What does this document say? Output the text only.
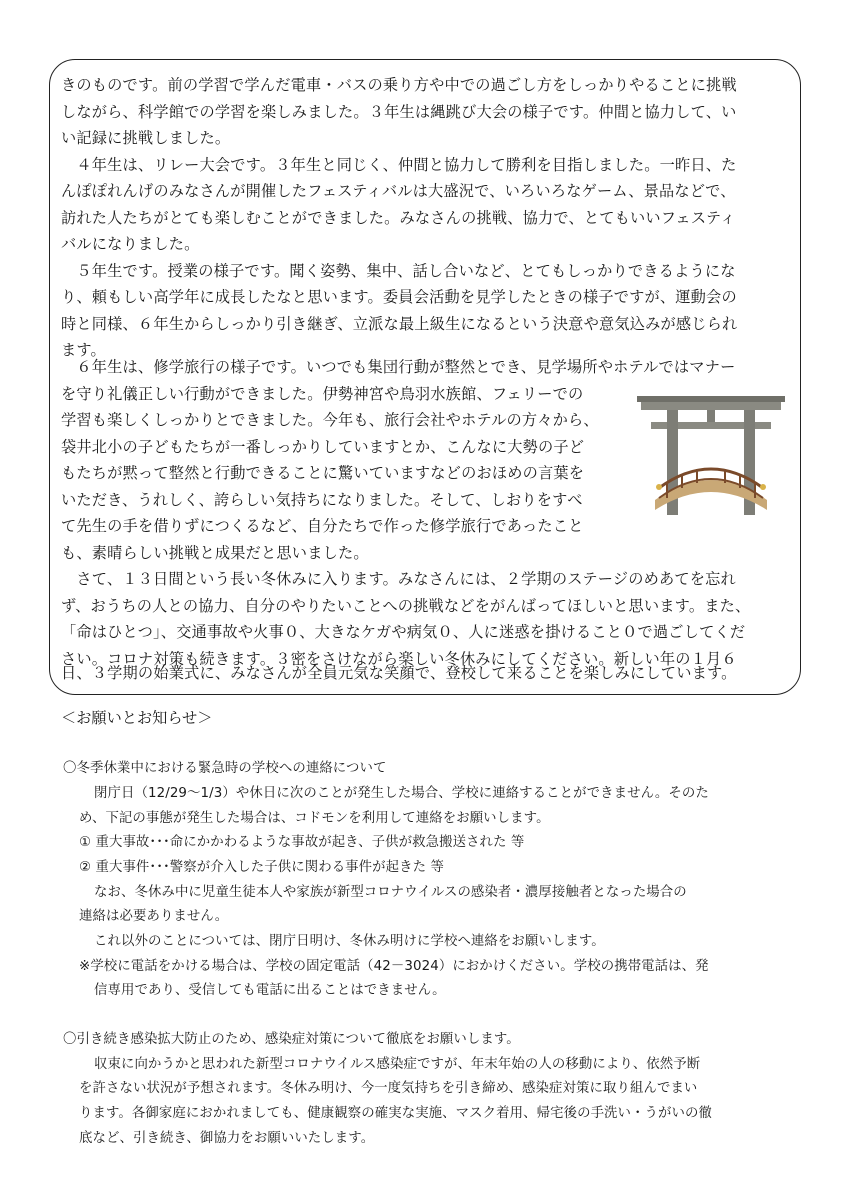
きのものです。前の学習で学んだ電車・バスの乗り方や中での過ごし方をしっかりやることに挑戦

しながら、科学館での学習を楽しみました。３年生は縄跳び大会の様子です。仲間と協力して、い

い記録に挑戦しました。

　４年生は、リレー大会です。３年生と同じく、仲間と協力して勝利を目指しました。一昨日、た

んぽぽれんげのみなさんが開催したフェスティバルは大盛況で、いろいろなゲーム、景品などで、

訪れた人たちがとても楽しむことができました。みなさんの挑戦、協力で、とてもいいフェスティ

バルになりました。

　５年生です。授業の様子です。聞く姿勢、集中、話し合いなど、とてもしっかりできるようにな

り、頼もしい高学年に成長したなと思います。委員会活動を見学したときの様子ですが、運動会の

時と同様、６年生からしっかり引き継ぎ、立派な最上級生になるという決意や意気込みが感じられ

ます。

　６年生は、修学旅行の様子です。いつでも集団行動が整然とでき、見学場所やホテルではマナー

を守り礼儀正しい行動ができました。伊勢神宮や鳥羽水族館、フェリーでの

学習も楽しくしっかりとできました。今年も、旅行会社やホテルの方々から、

袋井北小の子どもたちが一番しっかりしていますとか、こんなに大勢の子ど

もたちが黙って整然と行動できることに驚いていますなどのおほめの言葉を

いただき、うれしく、誇らしい気持ちになりました。そして、しおりをすべ

て先生の手を借りずにつくるなど、自分たちで作った修学旅行であったこと

も、素晴らしい挑戦と成果だと思いました。

　さて、１３日間という長い冬休みに入ります。みなさんには、２学期のステージのめあてを忘れ

ず、おうちの人との協力、自分のやりたいことへの挑戦などをがんばってほしいと思います。また、

「命はひとつ」、交通事故や火事０、大きなケガや病気０、人に迷惑を掛けること０で過ごしてくだ

さい。コロナ対策も続きます。３密をさけながら楽しい冬休みにしてください。新しい年の１月６

日、３学期の始業式に、みなさんが全員元気な笑顔で、登校して来ることを楽しみにしています。

＜お願いとお知らせ＞

〇冬季休業中における緊急時の学校への連絡について

閉庁日（12/29～1/3）や休日に次のことが発生した場合、学校に連絡することができません。そのた

め、下記の事態が発生した場合は、コドモンを利用して連絡をお願いします。

① 重大事故･･･命にかかわるような事故が起き、子供が救急搬送された 等

② 重大事件･･･警察が介入した子供に関わる事件が起きた 等

なお、冬休み中に児童生徒本人や家族が新型コロナウイルスの感染者・濃厚接触者となった場合の

連絡は必要ありません。

これ以外のことについては、閉庁日明け、冬休み明けに学校へ連絡をお願いします。

※学校に電話をかける場合は、学校の固定電話（42－3024）におかけください。学校の携帯電話は、発

信専用であり、受信しても電話に出ることはできません。

〇引き続き感染拡大防止のため、感染症対策について徹底をお願いします。

収束に向かうかと思われた新型コロナウイルス感染症ですが、年末年始の人の移動により、依然予断

を許さない状況が予想されます。冬休み明け、今一度気持ちを引き締め、感染症対策に取り組んでまい

ります。各御家庭におかれましても、健康観察の確実な実施、マスク着用、帰宅後の手洗い・うがいの徹

底など、引き続き、御協力をお願いいたします。
